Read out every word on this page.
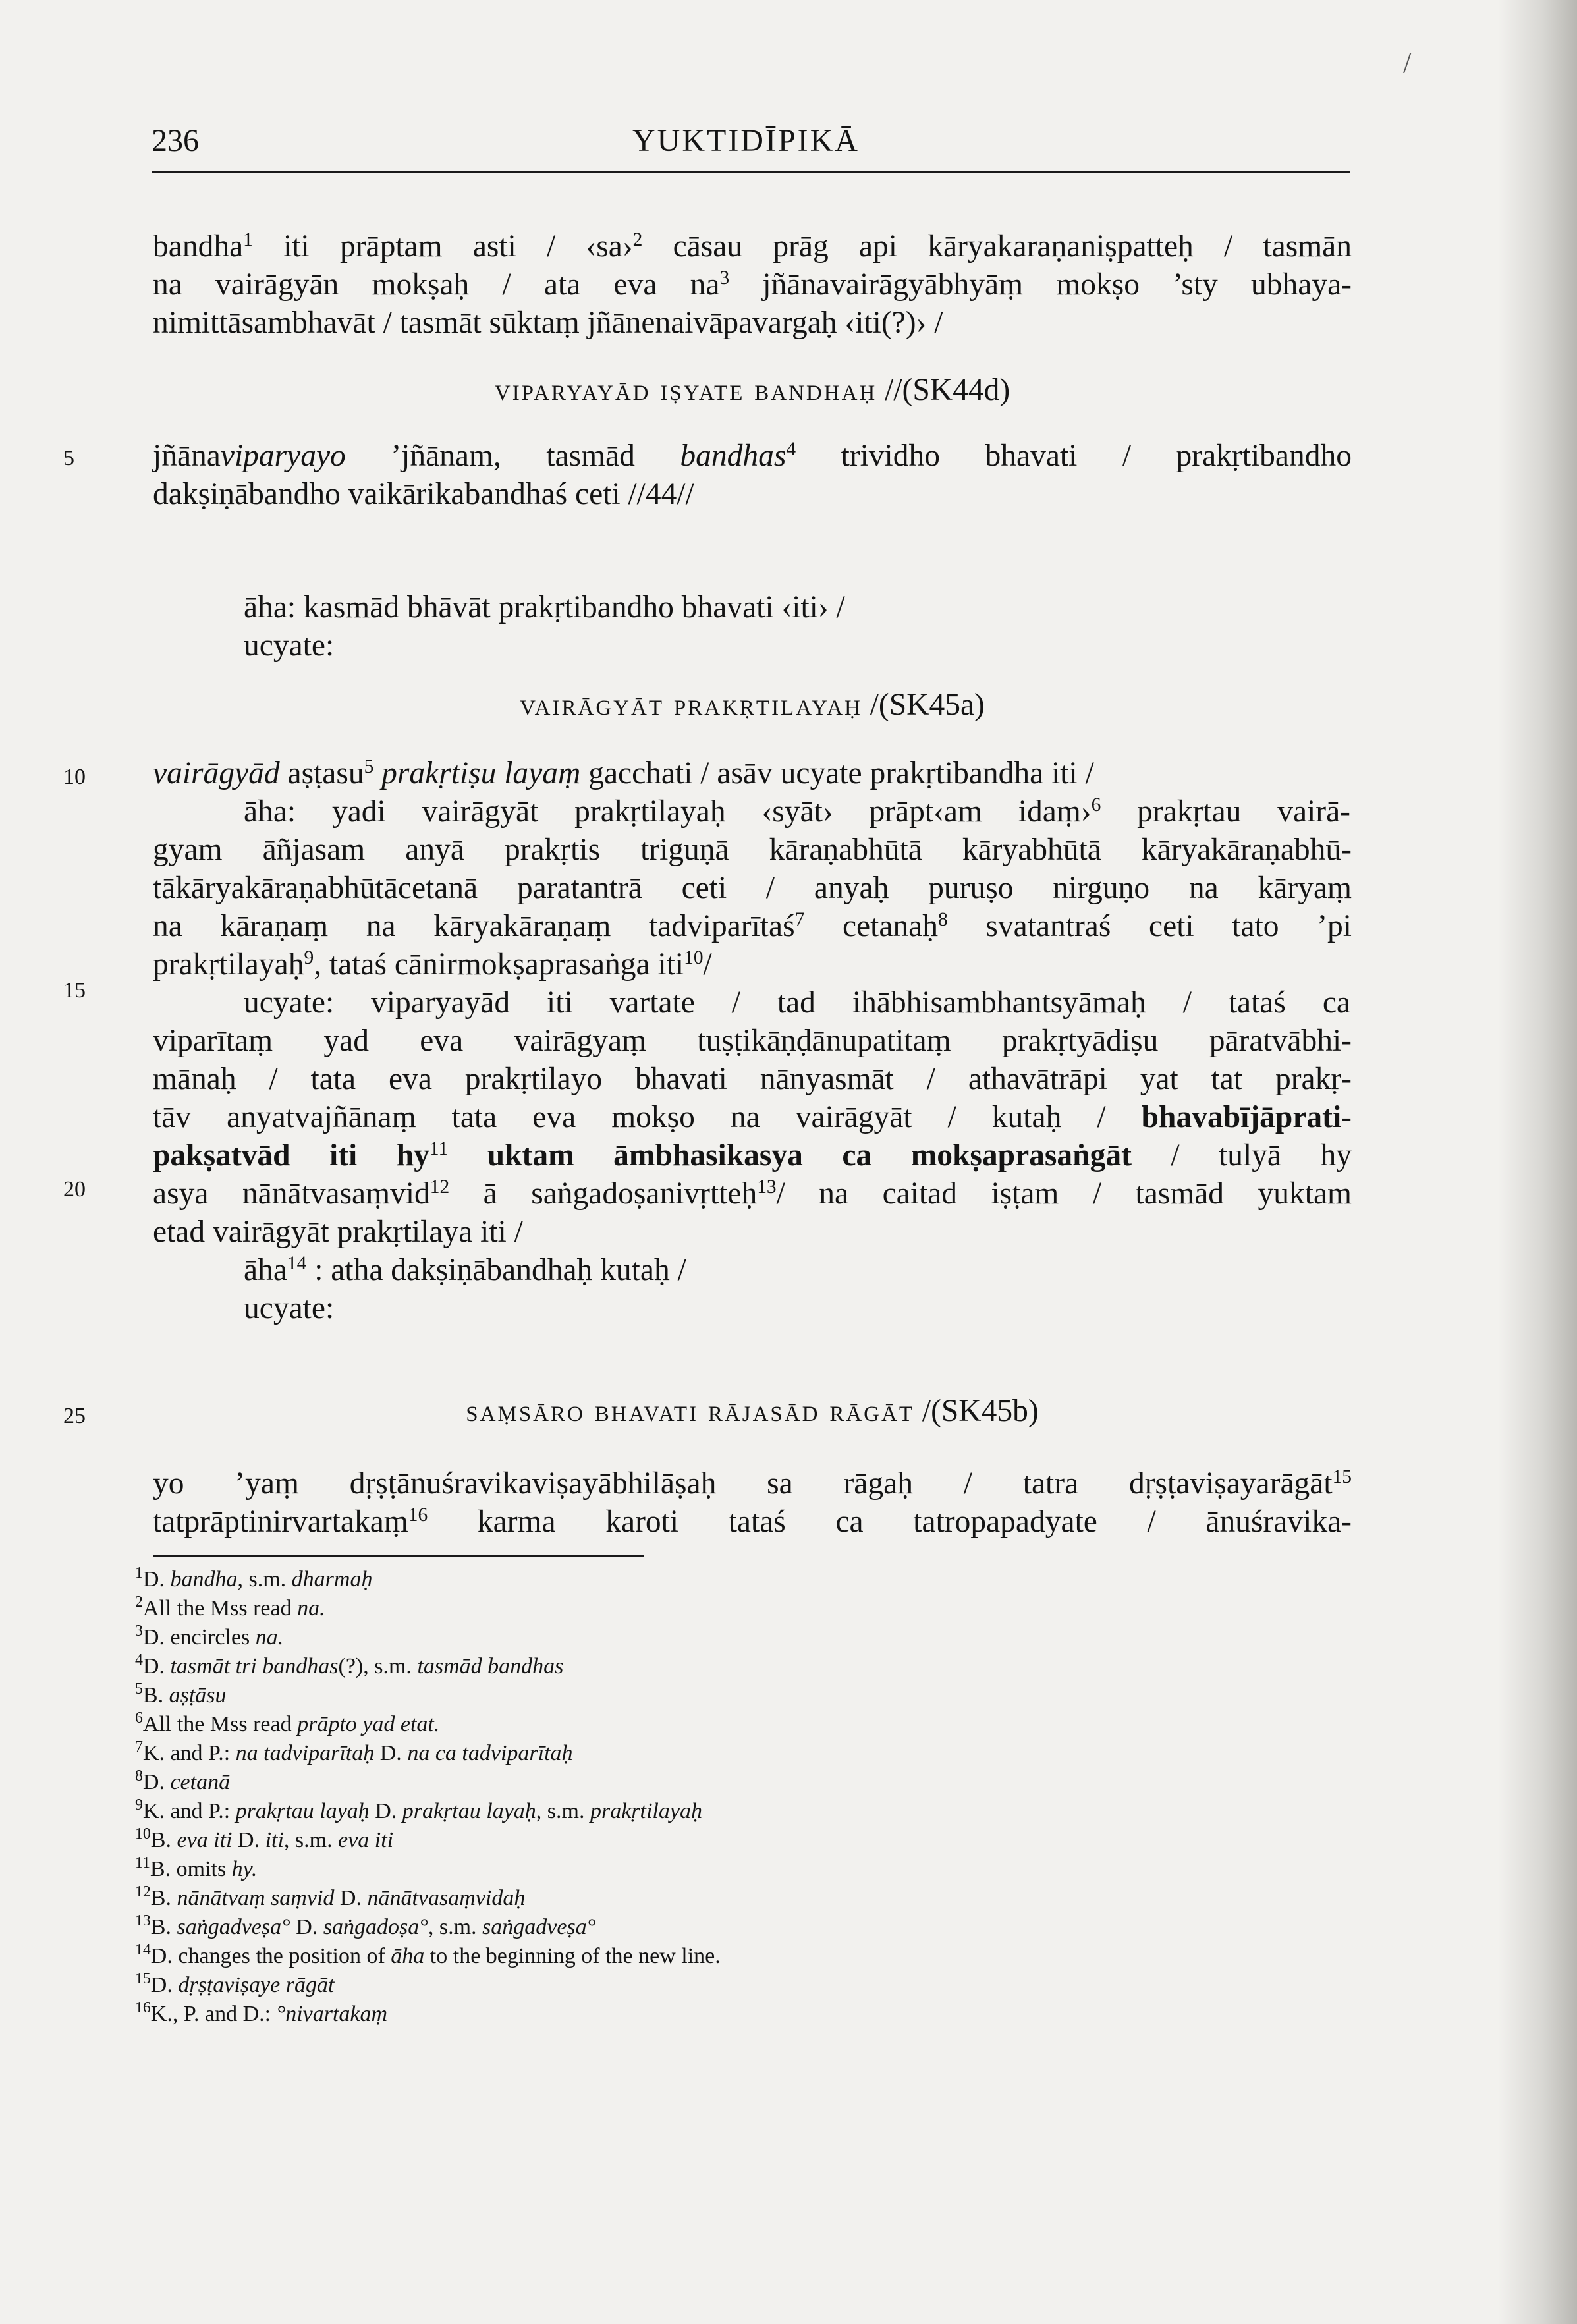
/
236	YUKTIDĪPIKĀ
5
10
15
20
25
bandha$^1$ iti prāptam asti / ‹sa›$^2$ cāsau prāg api kāryakaraṇaniṣpatteḥ / tasmān
na vairāgyān mokṣaḥ / ata eva $na^3$ jñānavairāgyābhyāṃ mokṣo ’sty ubhaya-
nimittāsambhavāt / tasmāt sūktaṃ jñānenaivāpavargaḥ ‹iti(?)› /
viparyayād iṣyate bandhaḥ //(SK44d)
jñānaviparyayo ’jñānam, tasmād bandhas$^4$ trividho bhavati / prakṛtibandho
dakṣiṇābandho vaikārikabandhaś ceti //44//
āha: kasmād bhāvāt prakṛtibandho bhavati ‹iti› /
ucyate:
vairāgyāt prakṛtilayaḥ /(SK45a)
vairāgyād aṣṭasu$^5$ prakṛtiṣu layaṃ gacchati / asāv ucyate prakṛtibandha iti /
āha: yadi vairāgyāt prakṛtilayaḥ ‹syāt› prāpt‹am idaṃ›$^6$ prakṛtau vairā-
gyam āñjasam anyā prakṛtis triguṇā kāraṇabhūtā kāryabhūtā kāryakāraṇabhū-
tākāryakāraṇabhūtācetanā paratantrā ceti / anyaḥ puruṣo nirguṇo na kāryaṃ
na kāraṇaṃ na kāryakāraṇaṃ tadviparītaś$^7$ cetanaḥ$^8$ svatantraś ceti tato ’pi
prakṛtilayaḥ$^9$, tataś cānirmokṣaprasaṅga iti$^{10}$/
ucyate: viparyayād iti vartate / tad ihābhisambhantsyāmaḥ / tataś ca
viparītaṃ yad eva vairāgyaṃ tuṣṭikāṇḍānupatitaṃ prakṛtyādiṣu pāratvābhi-
mānaḥ / tata eva prakṛtilayo bhavati nānyasmāt / athavātrāpi yat tat prakṛ-
tāv anyatvajñānaṃ tata eva mokṣo na vairāgyāt / kutaḥ / bhavabījāprati-
pakṣatvād iti $hy^{11}$ uktam āmbhasikasya ca mokṣaprasaṅgāt / tulyā hy
asya nānātvasaṃvid$^{12}$ ā saṅgadoṣanivṛtteḥ$^{13}$/ na caitad iṣṭam / tasmād yuktam
etad vairāgyāt prakṛtilaya iti /
āha$^{14}$ : atha dakṣiṇābandhaḥ kutaḥ /
ucyate:
saṃsāro bhavati rājasād rāgāt /(SK45b)
yo ’yaṃ dṛṣṭānuśravikaviṣayābhilāṣaḥ sa rāgaḥ / tatra dṛṣṭaviṣayarāgāt$^{15}$
tatprāptinirvartakaṃ$^{16}$ karma karoti tataś ca tatropapadyate / ānuśravika-
$^1$D. bandha, s.m. dharmaḥ
$^2$All the Mss read na.
$^3$D. encircles na.
$^4$D. tasmāt tri bandhas(?), s.m. tasmād bandhas
$^5$B. aṣṭāsu
$^6$All the Mss read prāpto yad etat.
$^7$K. and P.: na tadviparītaḥ D. na ca tadviparītaḥ
$^8$D. cetanā
$^9$K. and P.: prakṛtau layaḥ D. prakṛtau layaḥ, s.m. prakṛtilayaḥ
$^{10}$B. eva iti D. iti, s.m. eva iti
$^{11}$B. omits hy.
$^{12}$B. nānātvaṃ saṃvid D. nānātvasaṃvidaḥ
$^{13}$B. saṅgadveṣa° D. saṅgadoṣa°, s.m. saṅgadveṣa°
$^{14}$D. changes the position of āha to the beginning of the new line.
$^{15}$D. dṛṣṭaviṣaye rāgāt
$^{16}$K., P. and D.: °nivartakaṃ
